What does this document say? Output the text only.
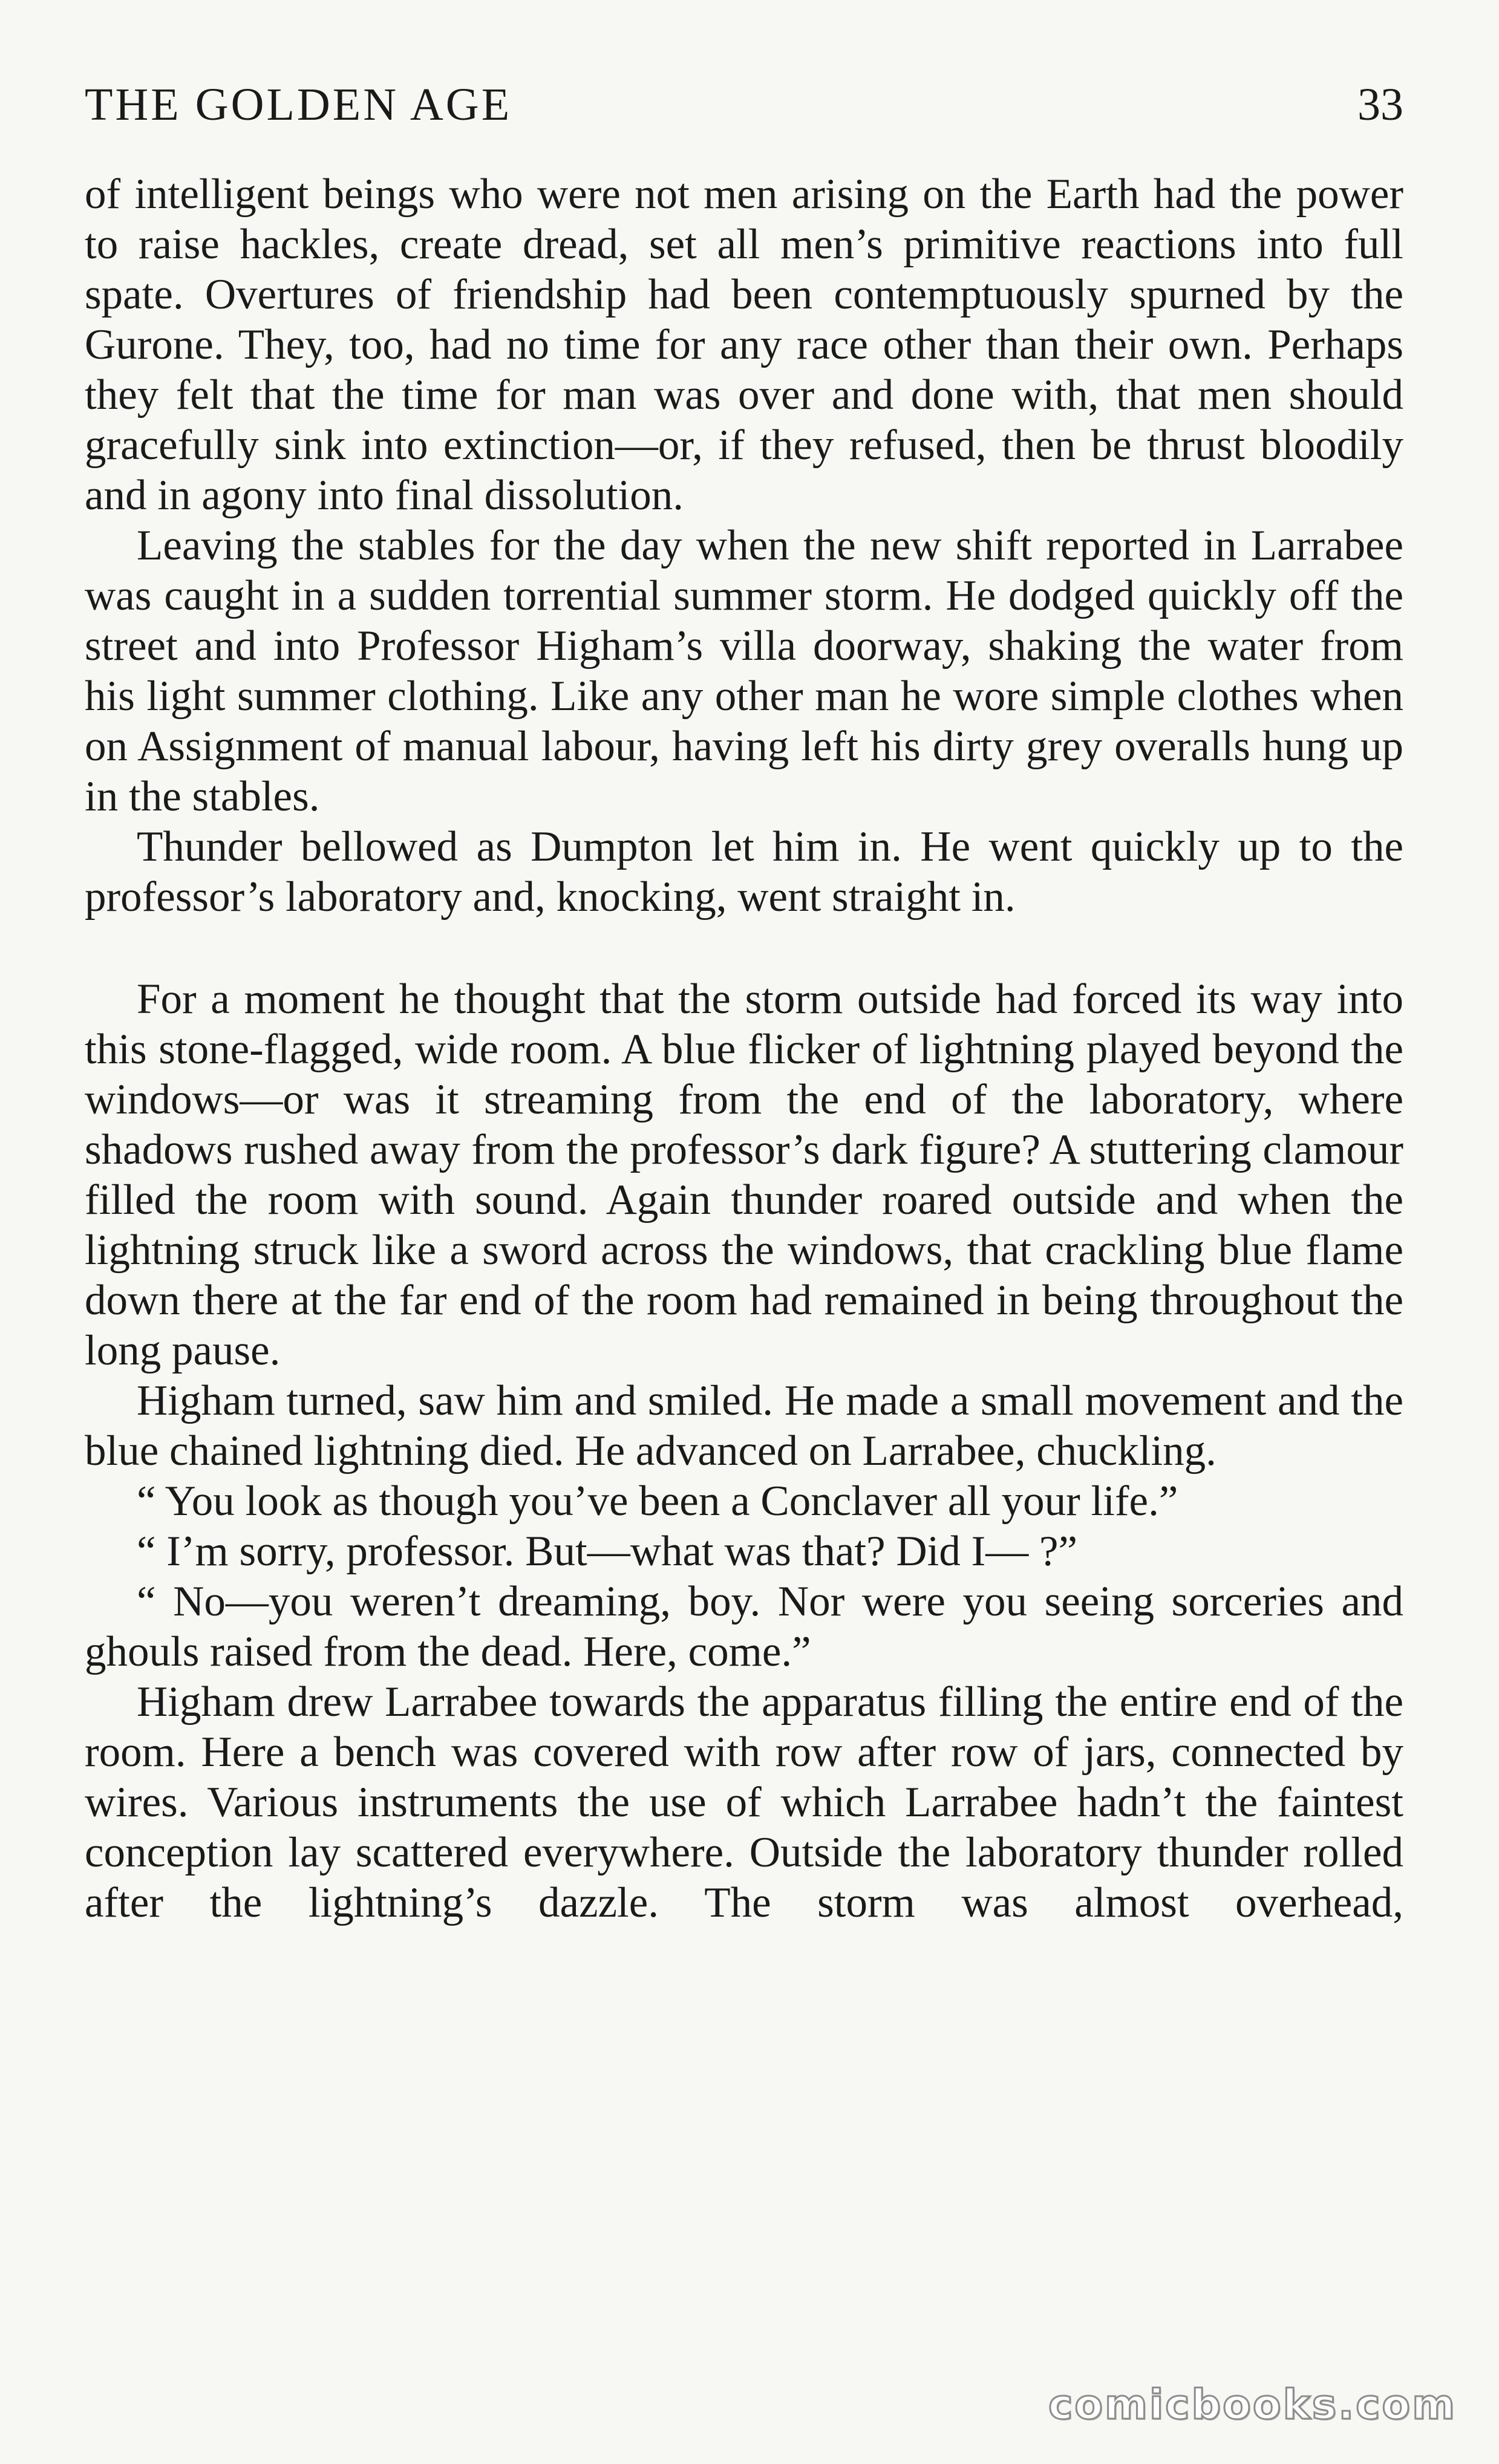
THE GOLDEN AGE	33

of intelligent beings who were not men arising on the Earth had the power to raise hackles, create dread, set all men’s primitive reactions into full spate. Overtures of friendship had been contemptuously spurned by the Gurone. They, too, had no time for any race other than their own. Perhaps they felt that the time for man was over and done with, that men should gracefully sink into extinction—or, if they refused, then be thrust bloodily and in agony into final dissolution.

Leaving the stables for the day when the new shift reported in Larrabee was caught in a sudden torrential summer storm. He dodged quickly off the street and into Professor Higham’s villa doorway, shaking the water from his light summer clothing. Like any other man he wore simple clothes when on Assignment of manual labour, having left his dirty grey overalls hung up in the stables.

Thunder bellowed as Dumpton let him in. He went quickly up to the professor’s laboratory and, knocking, went straight in.

For a moment he thought that the storm outside had forced its way into this stone-flagged, wide room. A blue flicker of lightning played beyond the windows—or was it streaming from the end of the laboratory, where shadows rushed away from the professor’s dark figure? A stuttering clamour filled the room with sound. Again thunder roared outside and when the lightning struck like a sword across the windows, that crackling blue flame down there at the far end of the room had remained in being throughout the long pause.

Higham turned, saw him and smiled. He made a small movement and the blue chained lightning died. He advanced on Larrabee, chuckling.

“ You look as though you’ve been a Conclaver all your life.”

“ I’m sorry, professor. But—what was that? Did I— ?”

“ No—you weren’t dreaming, boy. Nor were you seeing sorceries and ghouls raised from the dead. Here, come.”

Higham drew Larrabee towards the apparatus filling the entire end of the room. Here a bench was covered with row after row of jars, connected by wires. Various instruments the use of which Larrabee hadn’t the faintest conception lay scattered everywhere. Outside the laboratory thunder rolled after the lightning’s dazzle. The storm was almost overhead,

comicbooks.com
